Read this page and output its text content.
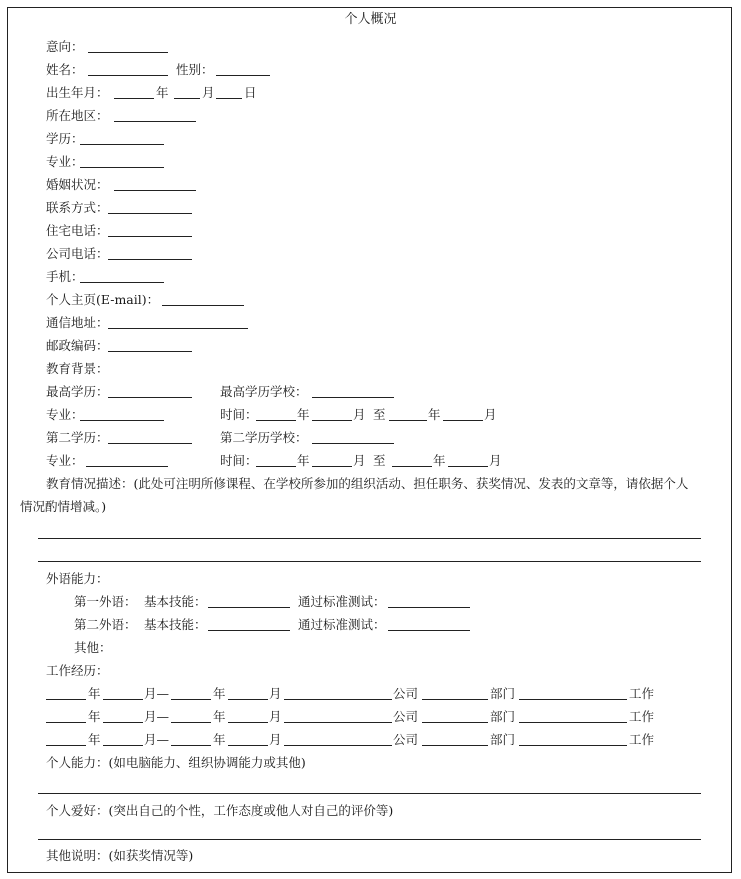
个人概况
意向：
姓名：	性别：
出生年月：	年	月 日
所在地区：
学历：
专业：
婚姻状况：
联系方式：
住宅电话：
公司电话：
手机：
个人主页(E-mail)：
通信地址：
邮政编码：
教育背景：
最高学历：	最高学历学校：
专业：	时间：	年	月 至	年	月
第二学历：	第二学历学校：
专业：	时间：	年	月 至	年	月
教育情况描述：(此处可注明所修课程、在学校所参加的组织活动、担任职务、获奖情况、发表的文章等，请依据个人
情况酌情增减。)
外语能力：
第一外语： 基本技能：	通过标准测试：
第二外语： 基本技能：	通过标准测试：
其他：
工作经历：
年	月—	年	月	公司	部门	工作
年	月—	年	月	公司	部门	工作
年	月—	年	月	公司	部门	工作
个人能力：(如电脑能力、组织协调能力或其他)
个人爱好：(突出自己的个性，工作态度或他人对自己的评价等)
其他说明：(如获奖情况等)
